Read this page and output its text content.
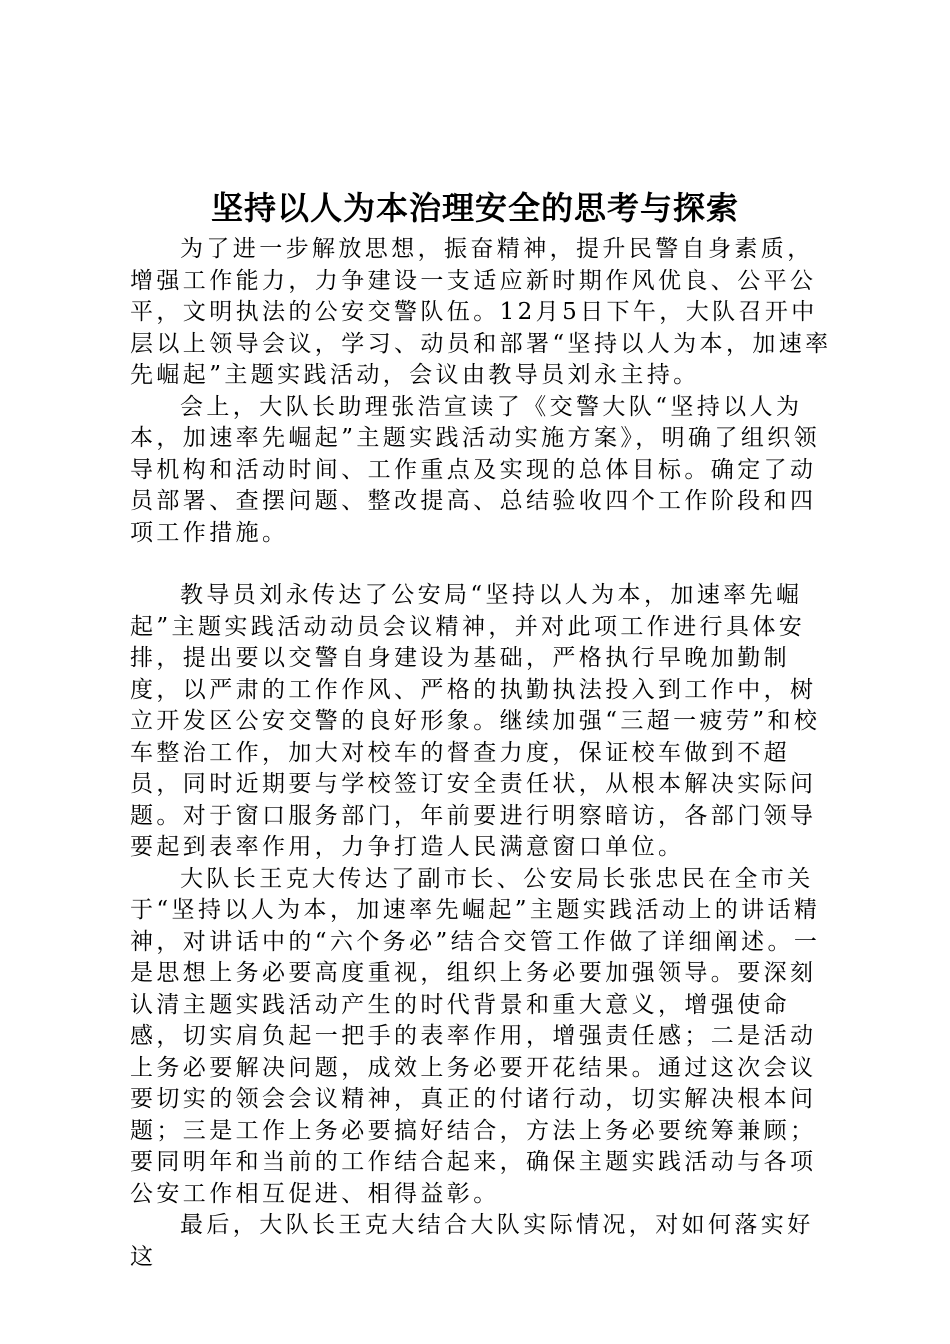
坚持以人为本治理安全的思考与探索

为了进一步解放思想，振奋精神，提升民警自身素质，增强工作能力，力争建设一支适应新时期作风优良、公平公平，文明执法的公安交警队伍。12月5日下午，大队召开中层以上领导会议，学习、动员和部署“坚持以人为本，加速率先崛起”主题实践活动，会议由教导员刘永主持。

会上，大队长助理张浩宣读了《交警大队“坚持以人为本，加速率先崛起”主题实践活动实施方案》，明确了组织领导机构和活动时间、工作重点及实现的总体目标。确定了动员部署、查摆问题、整改提高、总结验收四个工作阶段和四项工作措施。

教导员刘永传达了公安局“坚持以人为本，加速率先崛起”主题实践活动动员会议精神，并对此项工作进行具体安排，提出要以交警自身建设为基础，严格执行早晚加勤制度，以严肃的工作作风、严格的执勤执法投入到工作中，树立开发区公安交警的良好形象。继续加强“三超一疲劳”和校车整治工作，加大对校车的督查力度，保证校车做到不超员，同时近期要与学校签订安全责任状，从根本解决实际问题。对于窗口服务部门，年前要进行明察暗访，各部门领导要起到表率作用，力争打造人民满意窗口单位。

大队长王克大传达了副市长、公安局长张忠民在全市关于“坚持以人为本，加速率先崛起”主题实践活动上的讲话精神，对讲话中的“六个务必”结合交管工作做了详细阐述。一是思想上务必要高度重视，组织上务必要加强领导。要深刻认清主题实践活动产生的时代背景和重大意义，增强使命感，切实肩负起一把手的表率作用，增强责任感；二是活动上务必要解决问题，成效上务必要开花结果。通过这次会议要切实的领会会议精神，真正的付诸行动，切实解决根本问题；三是工作上务必要搞好结合，方法上务必要统筹兼顾；要同明年和当前的工作结合起来，确保主题实践活动与各项公安工作相互促进、相得益彰。

最后，大队长王克大结合大队实际情况，对如何落实好这
